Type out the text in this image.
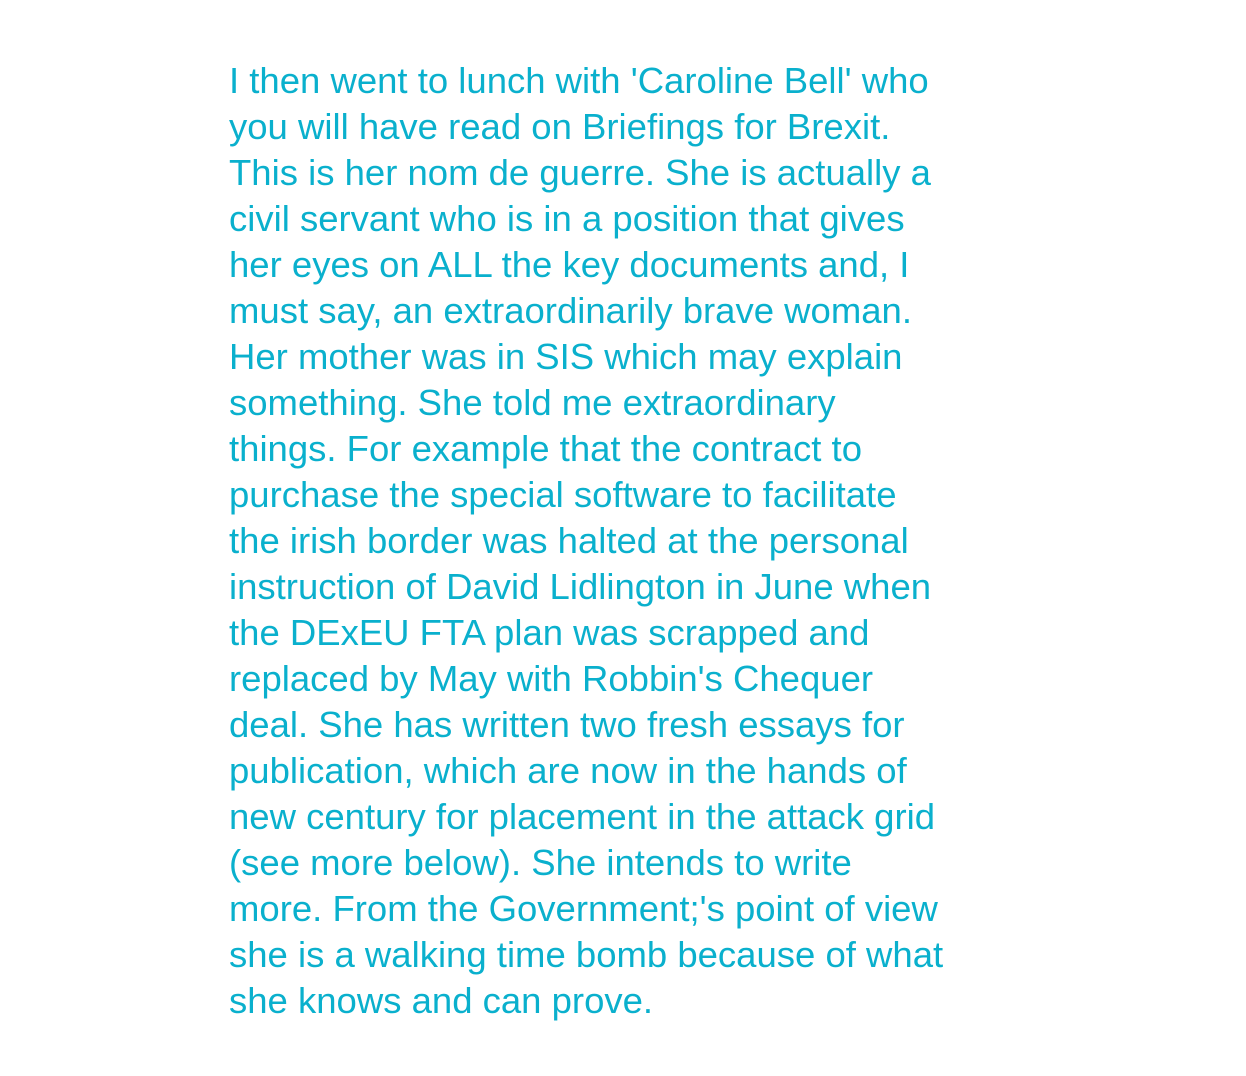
I then went to lunch with 'Caroline Bell' who
you will have read on Briefings for Brexit.
This is her nom de guerre. She is actually a
civil servant who is in a position that gives
her eyes on ALL the key documents and, I
must say, an extraordinarily brave woman.
Her mother was in SIS which may explain
something. She told me extraordinary
things. For example that the contract to
purchase the special software to facilitate
the irish border was halted at the personal
instruction of David Lidlington in June when
the DExEU FTA plan was scrapped and
replaced by May with Robbin's Chequer
deal. She has written two fresh essays for
publication, which are now in the hands of
new century for placement in the attack grid
(see more below). She intends to write
more. From the Government;'s point of view
she is a walking time bomb because of what
she knows and can prove.
